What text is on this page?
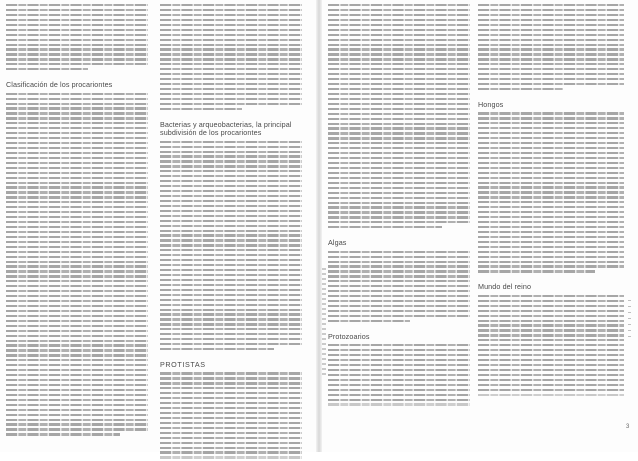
Clasificación de los procariontes
Bacterias y arqueobacterias, la principal subdivisión de los procariontes
PROTISTAS
Algas
Protozoarios
Hongos
Mundo del reino
3
